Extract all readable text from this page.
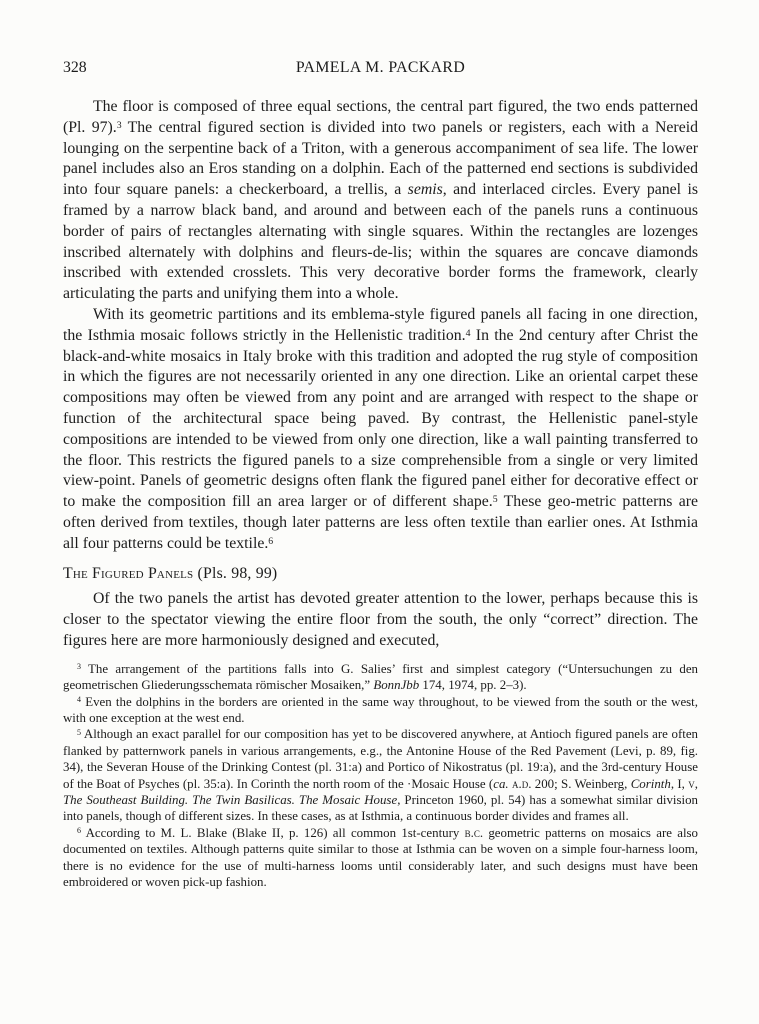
328	PAMELA M. PACKARD

The floor is composed of three equal sections, the central part figured, the two ends patterned (Pl. 97).$^3$ The central figured section is divided into two panels or registers, each with a Nereid lounging on the serpentine back of a Triton, with a generous accompaniment of sea life. The lower panel includes also an Eros standing on a dolphin. Each of the patterned end sections is subdivided into four square panels: a checkerboard, a trellis, a semis, and interlaced circles. Every panel is framed by a narrow black band, and around and between each of the panels runs a continuous border of pairs of rectangles alternating with single squares. Within the rectangles are lozenges inscribed alternately with dolphins and fleurs-de-lis; within the squares are concave diamonds inscribed with extended crosslets. This very decorative border forms the framework, clearly articulating the parts and unifying them into a whole.

With its geometric partitions and its emblema-style figured panels all facing in one direction, the Isthmia mosaic follows strictly in the Hellenistic tradition.$^4$ In the 2nd century after Christ the black-and-white mosaics in Italy broke with this tradition and adopted the rug style of composition in which the figures are not necessarily oriented in any one direction. Like an oriental carpet these compositions may often be viewed from any point and are arranged with respect to the shape or function of the architectural space being paved. By contrast, the Hellenistic panel-style compositions are intended to be viewed from only one direction, like a wall painting transferred to the floor. This restricts the figured panels to a size comprehensible from a single or very limited view-point. Panels of geometric designs often flank the figured panel either for decorative effect or to make the composition fill an area larger or of different shape.$^5$ These geo-metric patterns are often derived from textiles, though later patterns are less often textile than earlier ones. At Isthmia all four patterns could be textile.$^6$

The Figured Panels (Pls. 98, 99)

Of the two panels the artist has devoted greater attention to the lower, perhaps because this is closer to the spectator viewing the entire floor from the south, the only “correct” direction. The figures here are more harmoniously designed and executed,

$^3$ The arrangement of the partitions falls into G. Salies’ first and simplest category (“Untersuchungen zu den geometrischen Gliederungsschemata römischer Mosaiken,” BonnJbb 174, 1974, pp. 2–3).

$^4$ Even the dolphins in the borders are oriented in the same way throughout, to be viewed from the south or the west, with one exception at the west end.

$^5$ Although an exact parallel for our composition has yet to be discovered anywhere, at Antioch figured panels are often flanked by patternwork panels in various arrangements, e.g., the Antonine House of the Red Pavement (Levi, p. 89, fig. 34), the Severan House of the Drinking Contest (pl. 31:a) and Portico of Nikostratus (pl. 19:a), and the 3rd-century House of the Boat of Psyches (pl. 35:a). In Corinth the north room of the ·Mosaic House (ca. a.d. 200; S. Weinberg, Corinth, I, v, The Southeast Building. The Twin Basilicas. The Mosaic House, Princeton 1960, pl. 54) has a somewhat similar division into panels, though of different sizes. In these cases, as at Isthmia, a continuous border divides and frames all.

$^6$ According to M. L. Blake (Blake II, p. 126) all common 1st-century b.c. geometric patterns on mosaics are also documented on textiles. Although patterns quite similar to those at Isthmia can be woven on a simple four-harness loom, there is no evidence for the use of multi-harness looms until considerably later, and such designs must have been embroidered or woven pick-up fashion.
